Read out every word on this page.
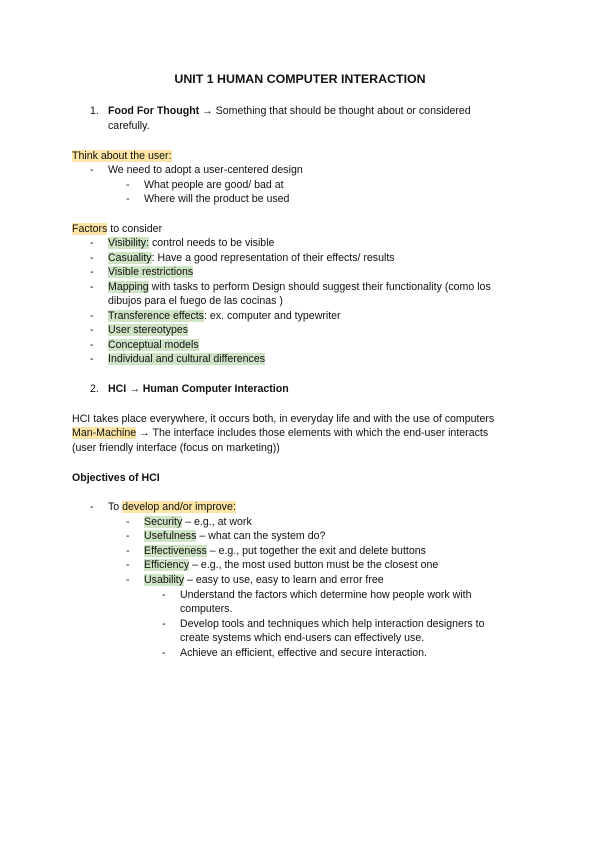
UNIT 1 HUMAN COMPUTER INTERACTION
1. Food For Thought → Something that should be thought about or considered
carefully.
Think about the user:
- We need to adopt a user-centered design
- What people are good/ bad at
- Where will the product be used
Factors to consider
- Visibility: control needs to be visible
- Casuality: Have a good representation of their effects/ results
- Visible restrictions
- Mapping with tasks to perform Design should suggest their functionality (como los
dibujos para el fuego de las cocinas )
- Transference effects: ex. computer and typewriter
- User stereotypes
- Conceptual models
- Individual and cultural differences
2. HCI → Human Computer Interaction
HCI takes place everywhere, it occurs both, in everyday life and with the use of computers
Man-Machine → The interface includes those elements with which the end-user interacts
(user friendly interface (focus on marketing))
Objectives of HCI
- To develop and/or improve:
- Security – e.g., at work
- Usefulness – what can the system do?
- Effectiveness – e.g., put together the exit and delete buttons
- Efficiency – e.g., the most used button must be the closest one
- Usability – easy to use, easy to learn and error free
- Understand the factors which determine how people work with
computers.
- Develop tools and techniques which help interaction designers to
create systems which end-users can effectively use.
- Achieve an efficient, effective and secure interaction.
